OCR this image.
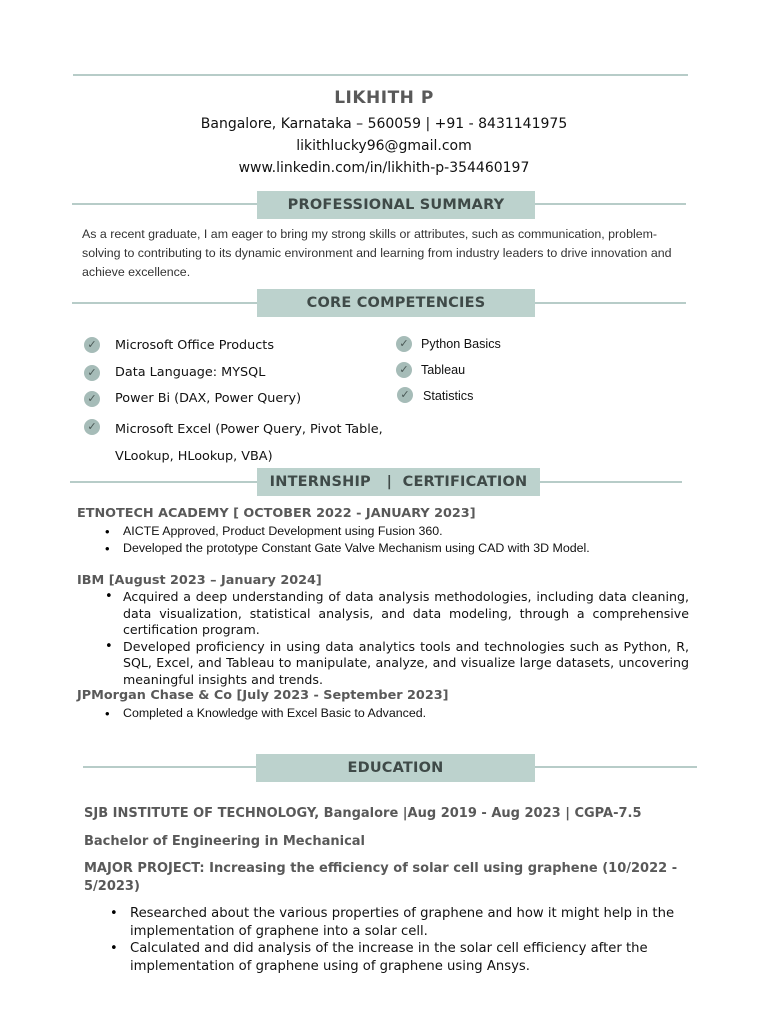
LIKHITH P
Bangalore, Karnataka – 560059 | +91 - 8431141975
likithlucky96@gmail.com
www.linkedin.com/in/likhith-p-354460197
PROFESSIONAL SUMMARY
As a recent graduate, I am eager to bring my strong skills or attributes, such as communication, problem-solving to contributing to its dynamic environment and learning from industry leaders to drive innovation and achieve excellence.
CORE COMPETENCIES
✓ Microsoft Office Products
✓ Data Language: MYSQL
✓ Power Bi (DAX, Power Query)
✓ Microsoft Excel (Power Query, Pivot Table,
VLookup, HLookup, VBA)
✓ Python Basics
✓ Tableau
✓ Statistics
INTERNSHIP   |  CERTIFICATION
ETNOTECH ACADEMY [ OCTOBER 2022 - JANUARY 2023]
• AICTE Approved, Product Development using Fusion 360.
• Developed the prototype Constant Gate Valve Mechanism using CAD with 3D Model.
IBM [August 2023 – January 2024]
• Acquired a deep understanding of data analysis methodologies, including data cleaning, data visualization, statistical analysis, and data modeling, through a comprehensive certification program.
• Developed proficiency in using data analytics tools and technologies such as Python, R, SQL, Excel, and Tableau to manipulate, analyze, and visualize large datasets, uncovering meaningful insights and trends.
JPMorgan Chase & Co [July 2023 - September 2023]
• Completed a Knowledge with Excel Basic to Advanced.
EDUCATION
SJB INSTITUTE OF TECHNOLOGY, Bangalore |Aug 2019 - Aug 2023 | CGPA-7.5
Bachelor of Engineering in Mechanical
MAJOR PROJECT: Increasing the efficiency of solar cell using graphene (10/2022 - 5/2023)
• Researched about the various properties of graphene and how it might help in the implementation of graphene into a solar cell.
• Calculated and did analysis of the increase in the solar cell efficiency after the implementation of graphene using of graphene using Ansys.
